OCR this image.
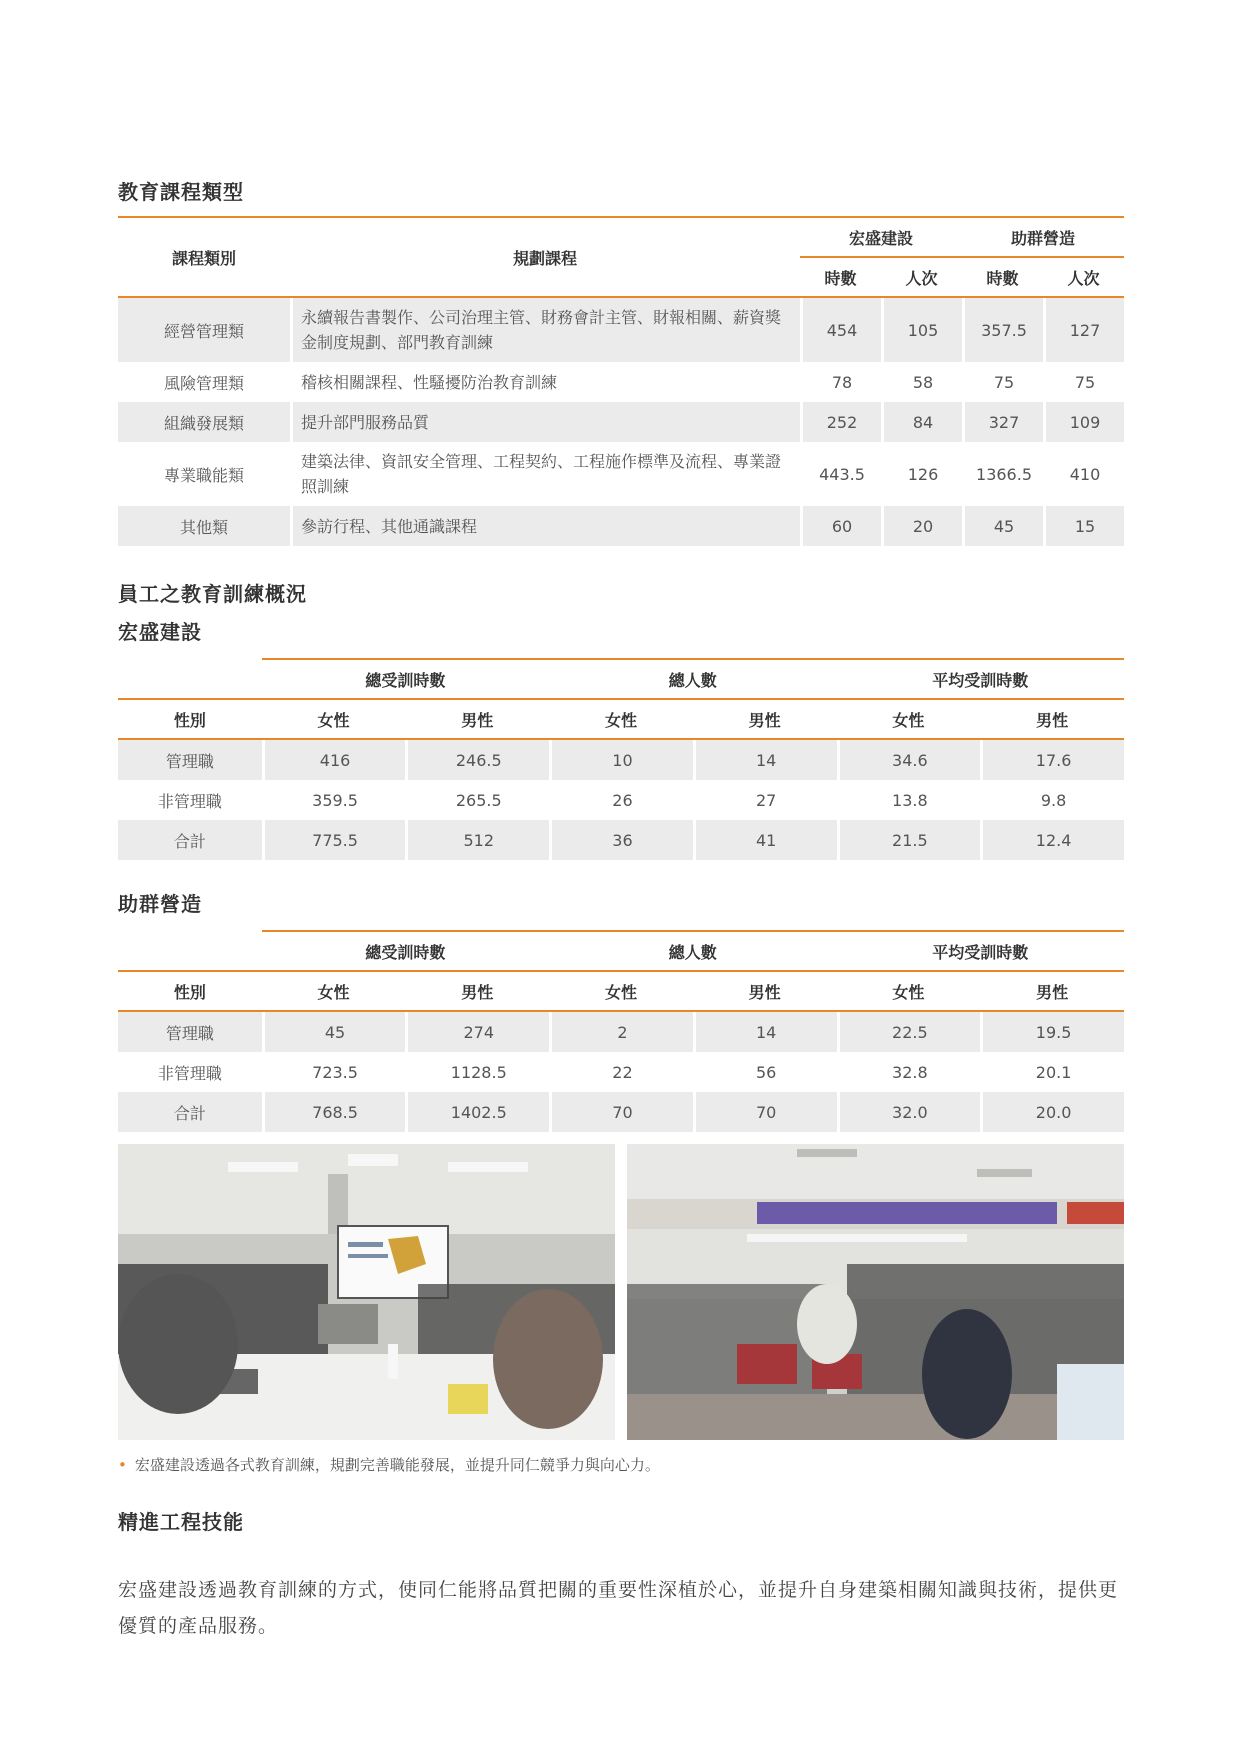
教育課程類型
課程類別	規劃課程	宏盛建設		助群營造	
		時數	人次	時數	人次
經營管理類	永續報告書製作、公司治理主管、財務會計主管、財報相關、薪資獎金制度規劃、部門教育訓練	454	105	357.5	127
風險管理類	稽核相關課程、性騷擾防治教育訓練	78	58	75	75
組織發展類	提升部門服務品質	252	84	327	109
專業職能類	建築法律、資訊安全管理、工程契約、工程施作標準及流程、專業證照訓練	443.5	126	1366.5	410
其他類	參訪行程、其他通識課程	60	20	45	15
員工之教育訓練概況
宏盛建設
	總受訓時數		總人數		平均受訓時數	
性別	女性	男性	女性	男性	女性	男性
管理職	416	246.5	10	14	34.6	17.6
非管理職	359.5	265.5	26	27	13.8	9.8
合計	775.5	512	36	41	21.5	12.4
助群營造
	總受訓時數		總人數		平均受訓時數	
性別	女性	男性	女性	男性	女性	男性
管理職	45	274	2	14	22.5	19.5
非管理職	723.5	1128.5	22	56	32.8	20.1
合計	768.5	1402.5	70	70	32.0	20.0
• 宏盛建設透過各式教育訓練，規劃完善職能發展，並提升同仁競爭力與向心力。
精進工程技能
宏盛建設透過教育訓練的方式，使同仁能將品質把關的重要性深植於心，並提升自身建築相關知識與技術，提供更優質的產品服務。
